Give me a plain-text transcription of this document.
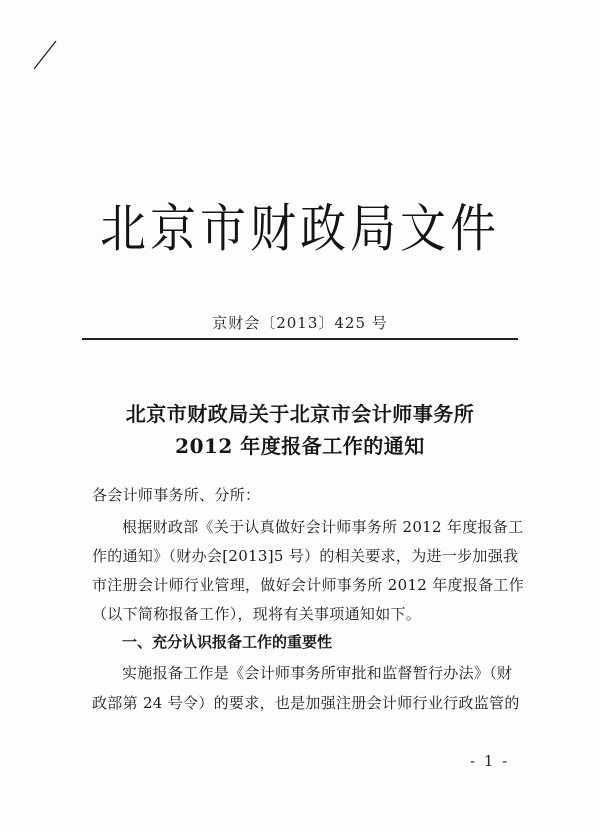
北京市财政局文件
京财会〔2013〕425 号
北京市财政局关于北京市会计师事务所
2012 年度报备工作的通知
各会计师事务所、分所：
根据财政部《关于认真做好会计师事务所 2012 年度报备工
作的通知》（财办会[2013]5 号）的相关要求，为进一步加强我
市注册会计师行业管理，做好会计师事务所 2012 年度报备工作
（以下简称报备工作），现将有关事项通知如下。
一、充分认识报备工作的重要性
实施报备工作是《会计师事务所审批和监督暂行办法》（财
政部第 24 号令）的要求，也是加强注册会计师行业行政监管的
- 1 -
